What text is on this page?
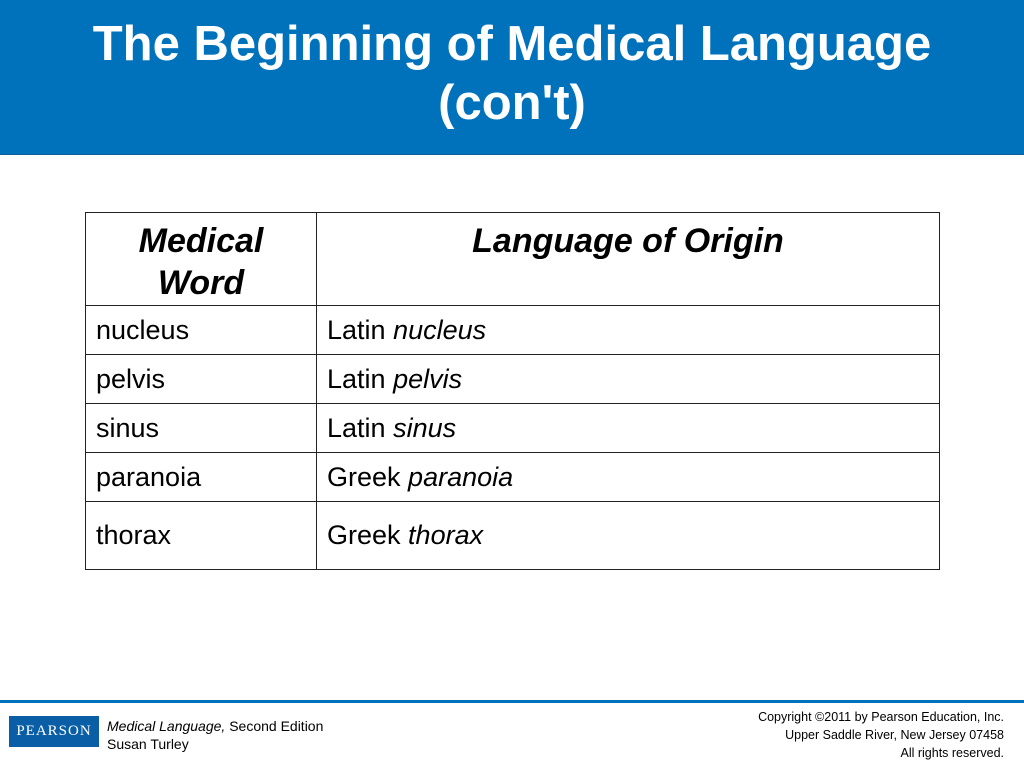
The Beginning of Medical Language
(con't)
Medical
Word	Language of Origin
nucleus	Latin nucleus
pelvis	Latin pelvis
sinus	Latin sinus
paranoia	Greek paranoia
thorax	Greek thorax
PEARSON Medical Language, Second Edition
Susan Turley
Copyright ©2011 by Pearson Education, Inc.
Upper Saddle River, New Jersey 07458
All rights reserved.
